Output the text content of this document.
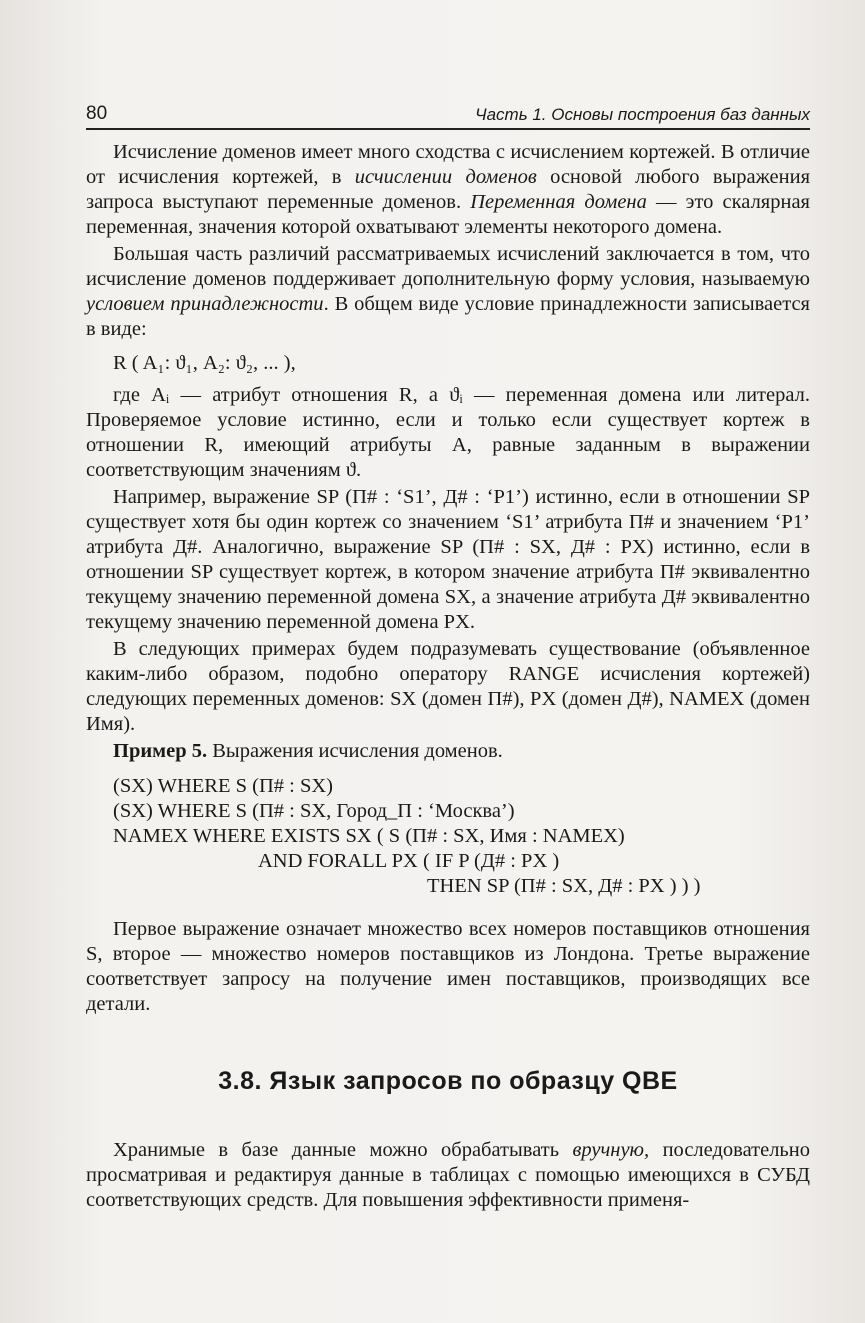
80	Часть 1. Основы построения баз данных

Исчисление доменов имеет много сходства с исчислением кортежей. В отличие от исчисления кортежей, в исчислении доменов основой любого выражения запроса выступают переменные доменов. Переменная домена — это скалярная переменная, значения которой охватывают элементы некоторого домена.

Большая часть различий рассматриваемых исчислений заключается в том, что исчисление доменов поддерживает дополнительную форму условия, называемую условием принадлежности. В общем виде условие принадлежности записывается в виде:

R ( A₁: ϑ₁, A₂: ϑ₂, ... ),

где Aᵢ — атрибут отношения R, а ϑᵢ — переменная домена или литерал. Проверяемое условие истинно, если и только если существует кортеж в отношении R, имеющий атрибуты А, равные заданным в выражении соответствующим значениям ϑ.

Например, выражение SP (П# : ‘S1’, Д# : ‘P1’) истинно, если в отношении SP существует хотя бы один кортеж со значением ‘S1’ атрибута П# и значением ‘P1’ атрибута Д#. Аналогично, выражение SP (П# : SX, Д# : PX) истинно, если в отношении SP существует кортеж, в котором значение атрибута П# эквивалентно текущему значению переменной домена SX, а значение атрибута Д# эквивалентно текущему значению переменной домена PX.

В следующих примерах будем подразумевать существование (объявленное каким-либо образом, подобно оператору RANGE исчисления кортежей) следующих переменных доменов: SX (домен П#), PX (домен Д#), NAMEX (домен Имя).

Пример 5. Выражения исчисления доменов.

(SX) WHERE S (П# : SX)
(SX) WHERE S (П# : SX, Город_П : ‘Москва’)
NAMEX WHERE EXISTS SX ( S (П# : SX, Имя : NAMEX)
AND FORALL PX ( IF P (Д# : PX )
THEN SP (П# : SX, Д# : PX ) ) )

Первое выражение означает множество всех номеров поставщиков отношения S, второе — множество номеров поставщиков из Лондона. Третье выражение соответствует запросу на получение имен поставщиков, производящих все детали.

3.8. Язык запросов по образцу QBE

Хранимые в базе данные можно обрабатывать вручную, последовательно просматривая и редактируя данные в таблицах с помощью имеющихся в СУБД соответствующих средств. Для повышения эффективности применя-
